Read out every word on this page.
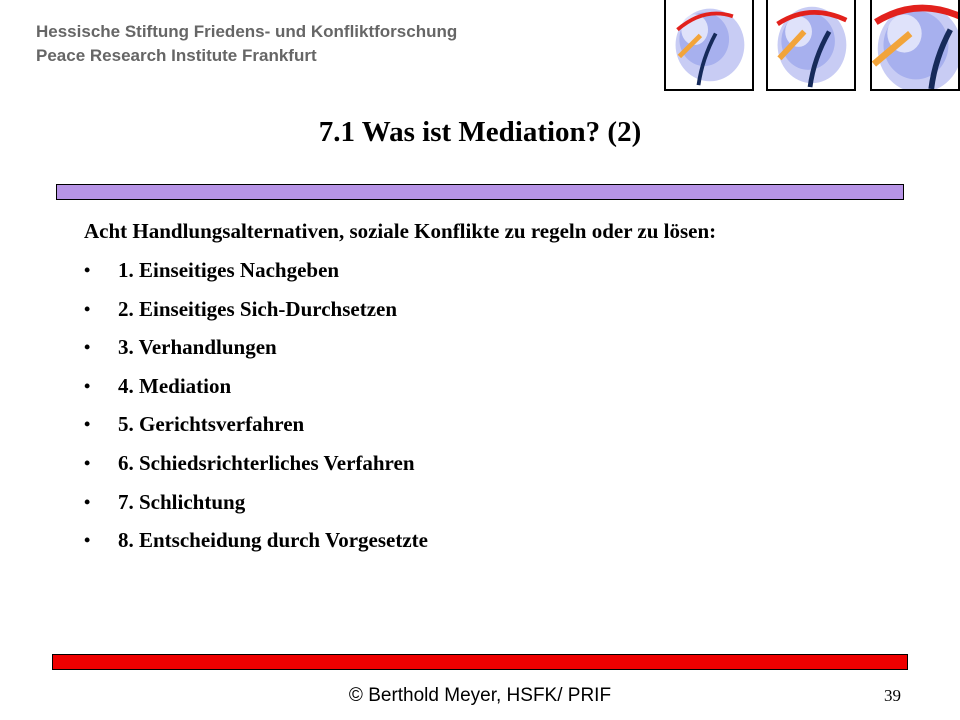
Hessische Stiftung Friedens- und Konfliktforschung
Peace Research Institute Frankfurt
7.1 Was ist Mediation? (2)
Acht Handlungsalternativen, soziale Konflikte zu regeln oder zu lösen:
•	1. Einseitiges Nachgeben
•	2. Einseitiges Sich-Durchsetzen
•	3. Verhandlungen
•	4. Mediation
•	5. Gerichtsverfahren
•	6. Schiedsrichterliches Verfahren
•	7. Schlichtung
•	8. Entscheidung durch Vorgesetzte
© Berthold Meyer, HSFK/ PRIF	39
